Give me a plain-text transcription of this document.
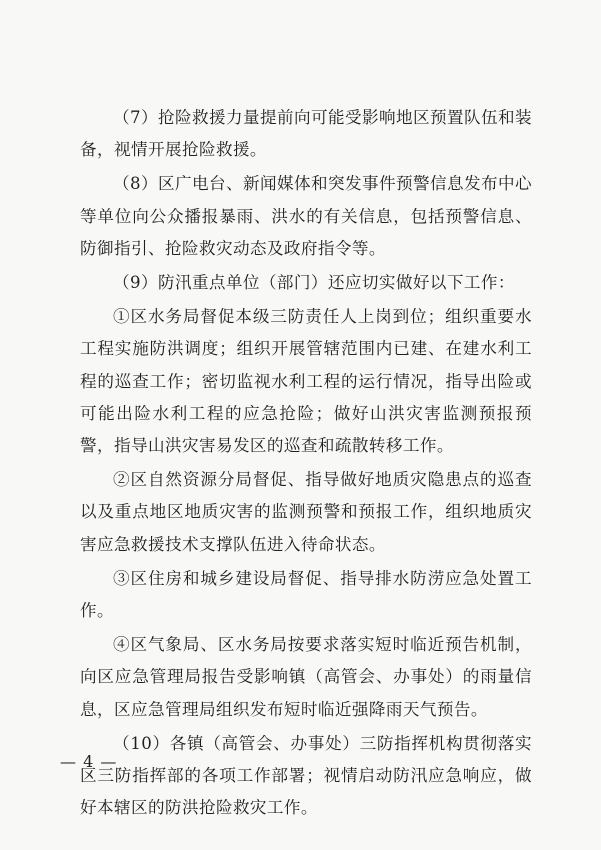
（7）抢险救援力量提前向可能受影响地区预置队伍和装备，视情开展抢险救援。

（8）区广电台、新闻媒体和突发事件预警信息发布中心等单位向公众播报暴雨、洪水的有关信息，包括预警信息、防御指引、抢险救灾动态及政府指令等。

（9）防汛重点单位（部门）还应切实做好以下工作：

①区水务局督促本级三防责任人上岗到位；组织重要水工程实施防洪调度；组织开展管辖范围内已建、在建水利工程的巡查工作；密切监视水利工程的运行情况，指导出险或可能出险水利工程的应急抢险；做好山洪灾害监测预报预警，指导山洪灾害易发区的巡查和疏散转移工作。

②区自然资源分局督促、指导做好地质灾隐患点的巡查以及重点地区地质灾害的监测预警和预报工作，组织地质灾害应急救援技术支撑队伍进入待命状态。

③区住房和城乡建设局督促、指导排水防涝应急处置工作。

④区气象局、区水务局按要求落实短时临近预告机制，向区应急管理局报告受影响镇（高管会、办事处）的雨量信息，区应急管理局组织发布短时临近强降雨天气预告。

（10）各镇（高管会、办事处）三防指挥机构贯彻落实区三防指挥部的各项工作部署；视情启动防汛应急响应，做好本辖区的防洪抢险救灾工作。

— 4 —
